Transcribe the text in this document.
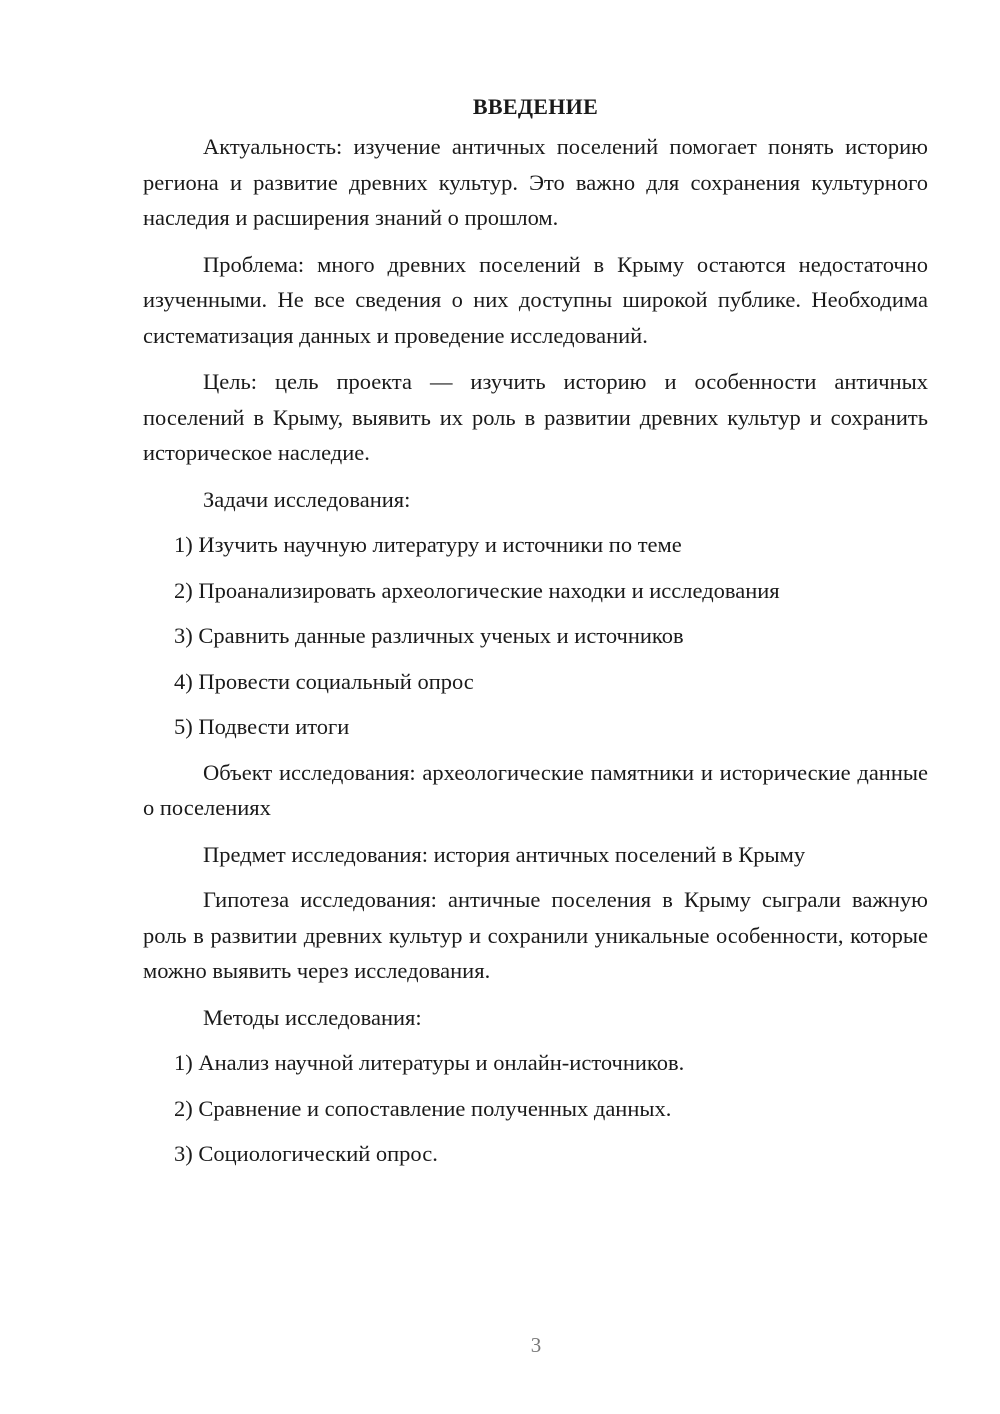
ВВЕДЕНИЕ

Актуальность: изучение античных поселений помогает понять историю региона и развитие древних культур. Это важно для сохранения культурного наследия и расширения знаний о прошлом.

Проблема: много древних поселений в Крыму остаются недостаточно изученными. Не все сведения о них доступны широкой публике. Необходима систематизация данных и проведение исследований.

Цель: цель проекта — изучить историю и особенности античных поселений в Крыму, выявить их роль в развитии древних культур и сохранить историческое наследие.

Задачи исследования:

1) Изучить научную литературу и источники по теме
2) Проанализировать археологические находки и исследования
3) Сравнить данные различных ученых и источников
4) Провести социальный опрос
5) Подвести итоги

Объект исследования: археологические памятники и исторические данные о поселениях

Предмет исследования: история античных поселений в Крыму

Гипотеза исследования: античные поселения в Крыму сыграли важную роль в развитии древних культур и сохранили уникальные особенности, которые можно выявить через исследования.

Методы исследования:

1) Анализ научной литературы и онлайн-источников.
2) Сравнение и сопоставление полученных данных.
3) Социологический опрос.
3
